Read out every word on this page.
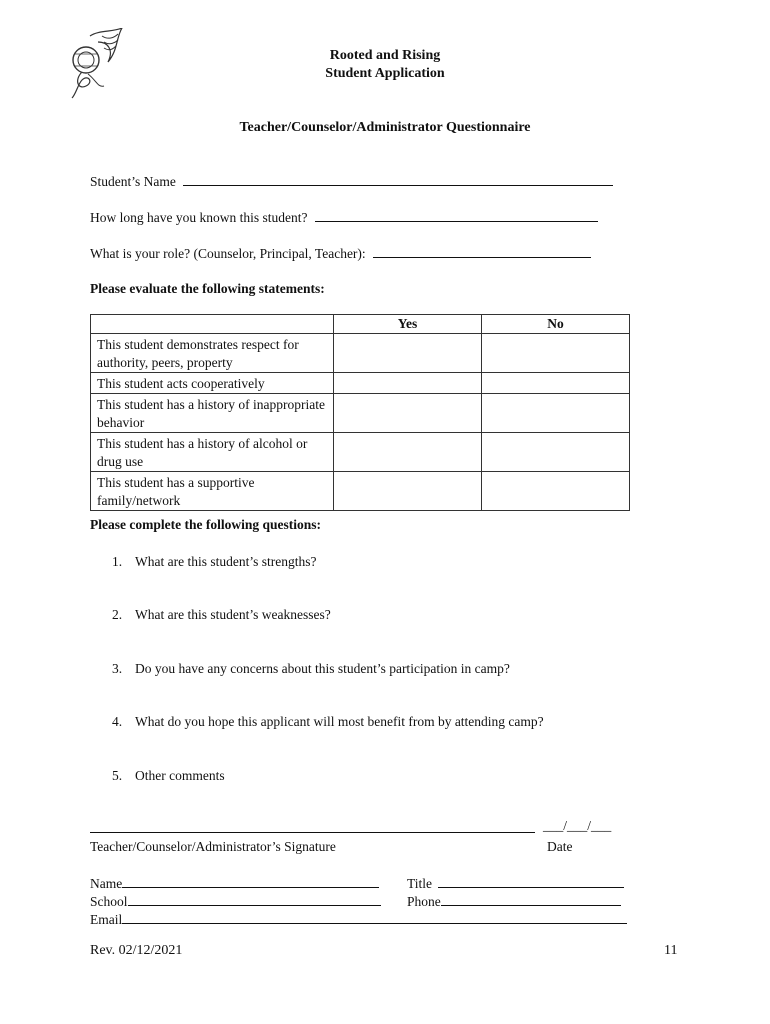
Rooted and Rising
Student Application
Teacher/Counselor/Administrator Questionnaire
Student’s Name
How long have you known this student?
What is your role? (Counselor, Principal, Teacher):
Please evaluate the following statements:
	Yes	No
This student demonstrates respect for authority, peers, property		
This student acts cooperatively		
This student has a history of inappropriate behavior		
This student has a history of alcohol or drug use		
This student has a supportive family/network		
Please complete the following questions:
1. What are this student’s strengths?
2. What are this student’s weaknesses?
3. Do you have any concerns about this student’s participation in camp?
4. What do you hope this applicant will most benefit from by attending camp?
5. Other comments
___/___/___
Teacher/Counselor/Administrator’s Signature	Date
Name
School
Email
Title
Phone
Rev. 02/12/2021	11
